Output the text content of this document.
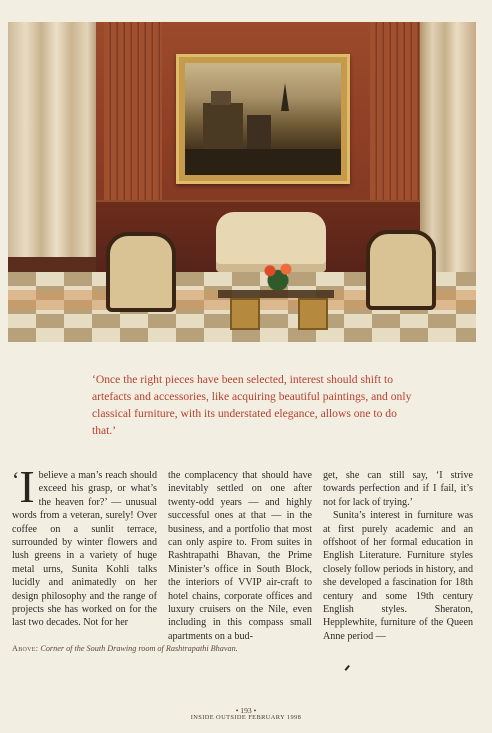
‘Once the right pieces have been selected, interest should shift to artefacts and accessories, like acquiring beautiful paintings, and only classical furniture, with its understated elegance, allows one to do that.’

‘ I believe a man’s reach should exceed his grasp, or what’s the heaven for?’ — unusual words from a veteran, surely! Over coffee on a sunlit terrace, surrounded by winter flowers and lush greens in a variety of huge metal urns, Sunita Kohli talks lucidly and animatedly on her design philosophy and the range of projects she has worked on for the last two decades. Not for her

the complacency that should have inevitably settled on one after twenty-odd years — and highly successful ones at that — in the business, and a portfolio that most can only aspire to. From suites in Rashtrapathi Bhavan, the Prime Minister’s office in South Block, the interiors of VVIP air-craft to hotel chains, corporate offices and luxury cruisers on the Nile, even including in this compass small apartments on a bud-

get, she can still say, ‘I strive towards perfection and if I fail, it’s not for lack of trying.’
Sunita’s interest in furniture was at first purely academic and an offshoot of her formal education in English Literature. Furniture styles closely follow periods in history, and she developed a fascination for 18th century and some 19th century English styles. Sheraton, Hepplewhite, furniture of the Queen Anne period —

Above: Corner of the South Drawing room of Rashtrapathi Bhavan.

• 193 •

INSIDE OUTSIDE FEBRUARY 1998
